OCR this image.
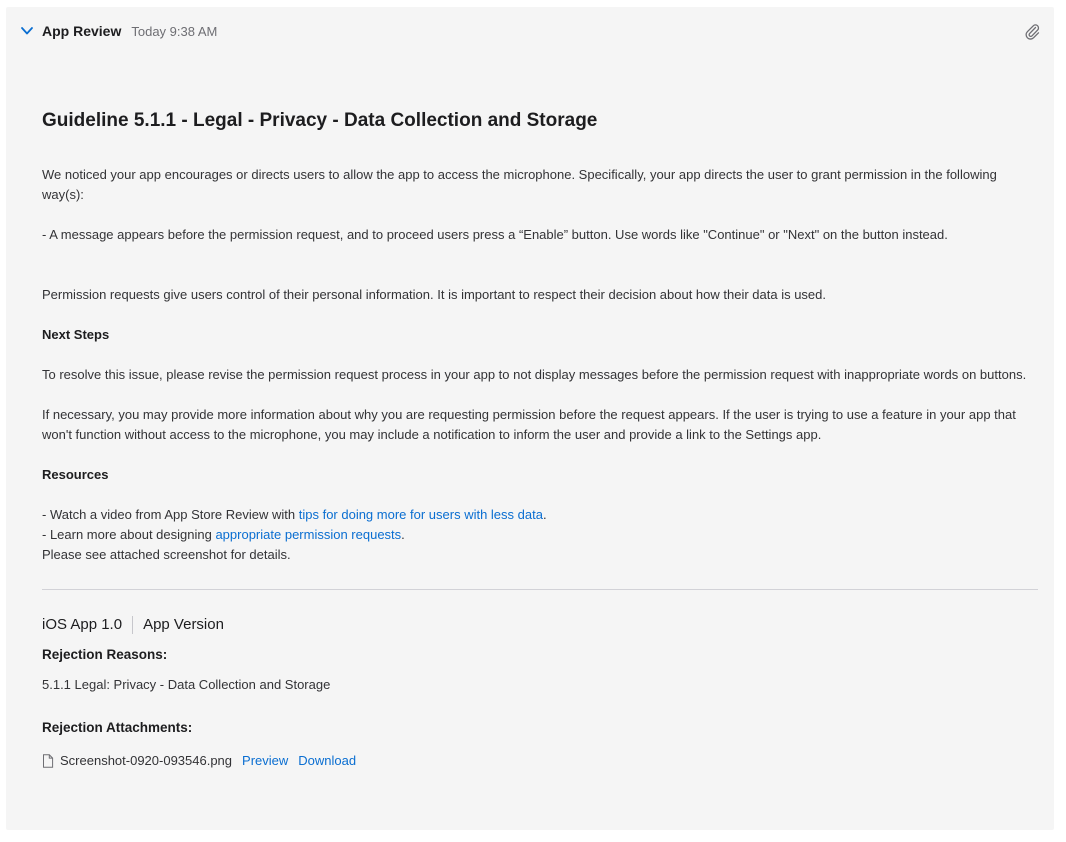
App Review Today 9:38 AM
Guideline 5.1.1 - Legal - Privacy - Data Collection and Storage

We noticed your app encourages or directs users to allow the app to access the microphone. Specifically, your app directs the user to grant permission in the following way(s):

- A message appears before the permission request, and to proceed users press a “Enable” button. Use words like "Continue" or "Next" on the button instead.

Permission requests give users control of their personal information. It is important to respect their decision about how their data is used.

Next Steps

To resolve this issue, please revise the permission request process in your app to not display messages before the permission request with inappropriate words on buttons.

If necessary, you may provide more information about why you are requesting permission before the request appears. If the user is trying to use a feature in your app that won't function without access to the microphone, you may include a notification to inform the user and provide a link to the Settings app.

Resources

- Watch a video from App Store Review with tips for doing more for users with less data.

- Learn more about designing appropriate permission requests.

Please see attached screenshot for details.

iOS App 1.0 App Version
Rejection Reasons:
5.1.1 Legal: Privacy - Data Collection and Storage
Rejection Attachments:
Screenshot-0920-093546.png Preview Download
